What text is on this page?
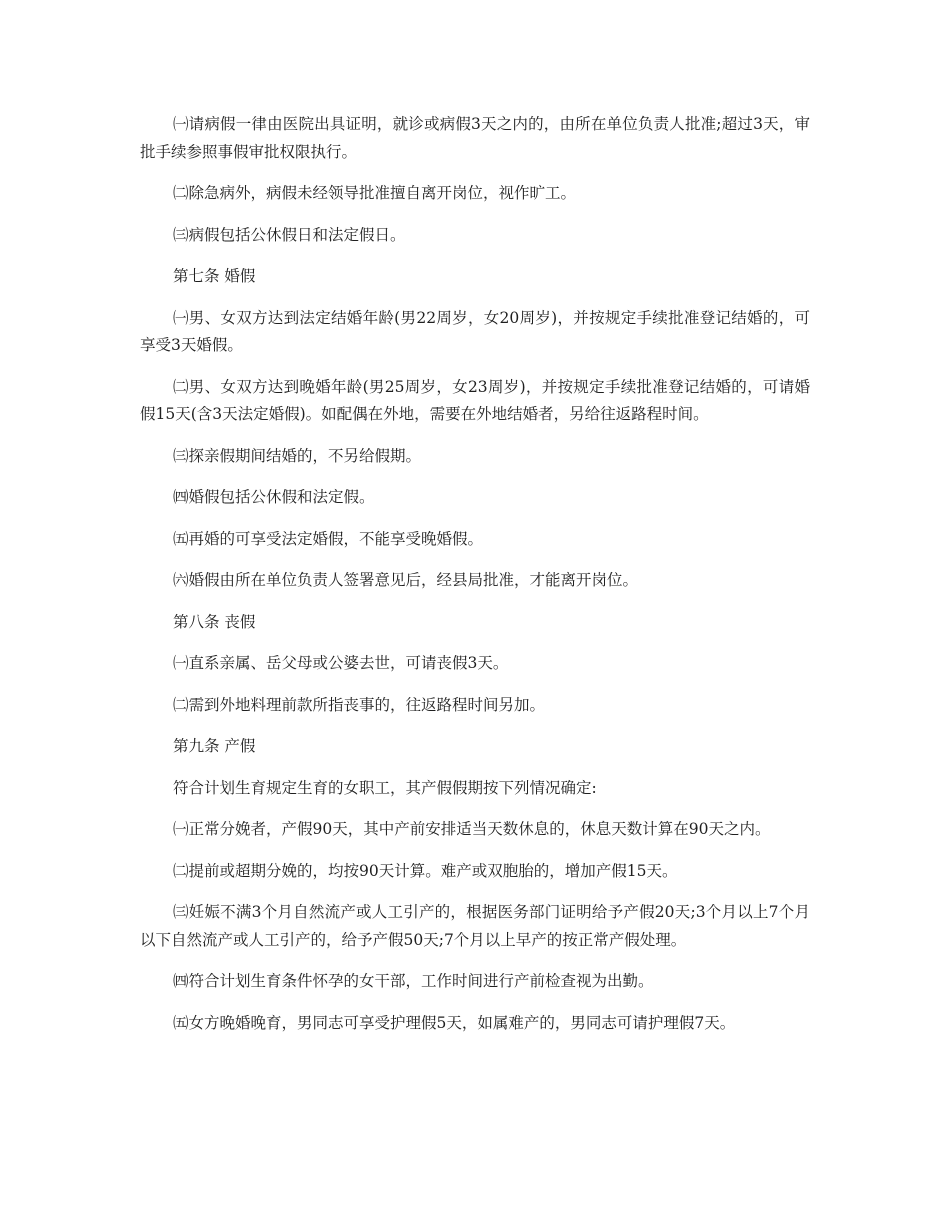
㈠请病假一律由医院出具证明，就诊或病假3天之内的，由所在单位负责人批准;超过3天，审批手续参照事假审批权限执行。

㈡除急病外，病假未经领导批准擅自离开岗位，视作旷工。

㈢病假包括公休假日和法定假日。

第七条 婚假

㈠男、女双方达到法定结婚年龄(男22周岁，女20周岁)，并按规定手续批准登记结婚的，可享受3天婚假。

㈡男、女双方达到晚婚年龄(男25周岁，女23周岁)，并按规定手续批准登记结婚的，可请婚假15天(含3天法定婚假)。如配偶在外地，需要在外地结婚者，另给往返路程时间。

㈢探亲假期间结婚的，不另给假期。

㈣婚假包括公休假和法定假。

㈤再婚的可享受法定婚假，不能享受晚婚假。

㈥婚假由所在单位负责人签署意见后，经县局批准，才能离开岗位。

第八条 丧假

㈠直系亲属、岳父母或公婆去世，可请丧假3天。

㈡需到外地料理前款所指丧事的，往返路程时间另加。

第九条 产假

符合计划生育规定生育的女职工，其产假假期按下列情况确定:

㈠正常分娩者，产假90天，其中产前安排适当天数休息的，休息天数计算在90天之内。

㈡提前或超期分娩的，均按90天计算。难产或双胞胎的，增加产假15天。

㈢妊娠不满3个月自然流产或人工引产的，根据医务部门证明给予产假20天;3个月以上7个月以下自然流产或人工引产的，给予产假50天;7个月以上早产的按正常产假处理。

㈣符合计划生育条件怀孕的女干部，工作时间进行产前检查视为出勤。

㈤女方晚婚晚育，男同志可享受护理假5天，如属难产的，男同志可请护理假7天。
